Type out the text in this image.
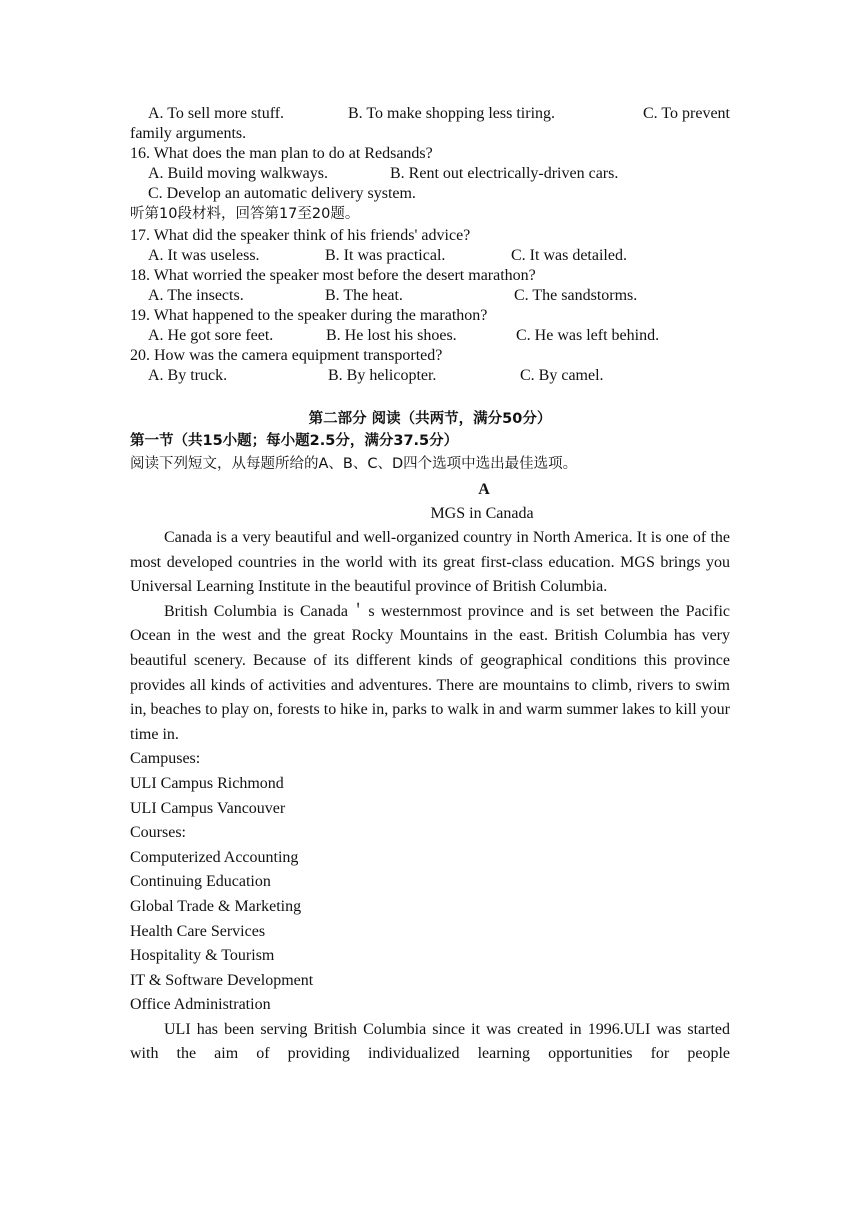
A. To sell more stuff.	B. To make shopping less tiring.	C. To prevent
family arguments.
16. What does the man plan to do at Redsands?
A. Build moving walkways.	B. Rent out electrically-driven cars.
C. Develop an automatic delivery system.
听第10段材料，回答第17至20题。
17. What did the speaker think of his friends' advice?
A. It was useless.	B. It was practical.	C. It was detailed.
18. What worried the speaker most before the desert marathon?
A. The insects.	B. The heat.	C. The sandstorms.
19. What happened to the speaker during the marathon?
A. He got sore feet.	B. He lost his shoes.	C. He was left behind.
20. How was the camera equipment transported?
A. By truck.	B. By helicopter.	C. By camel.
第二部分 阅读（共两节，满分50分）
第一节（共15小题；每小题2.5分，满分37.5分）
阅读下列短文，从每题所给的A、B、C、D四个选项中选出最佳选项。
A
MGS in Canada
Canada is a very beautiful and well-organized country in North America. It is one of the most developed countries in the world with its great first-class education. MGS brings you Universal Learning Institute in the beautiful province of British Columbia.
British Columbia is Canada＇s westernmost province and is set between the Pacific Ocean in the west and the great Rocky Mountains in the east. British Columbia has very beautiful scenery. Because of its different kinds of geographical conditions this province provides all kinds of activities and adventures. There are mountains to climb, rivers to swim in, beaches to play on, forests to hike in, parks to walk in and warm summer lakes to kill your time in.
Campuses:
ULI Campus Richmond
ULI Campus Vancouver
Courses:
Computerized Accounting
Continuing Education
Global Trade & Marketing
Health Care Services
Hospitality & Tourism
IT & Software Development
Office Administration
ULI has been serving British Columbia since it was created in 1996.ULI was started with the aim of providing individualized learning opportunities for people
